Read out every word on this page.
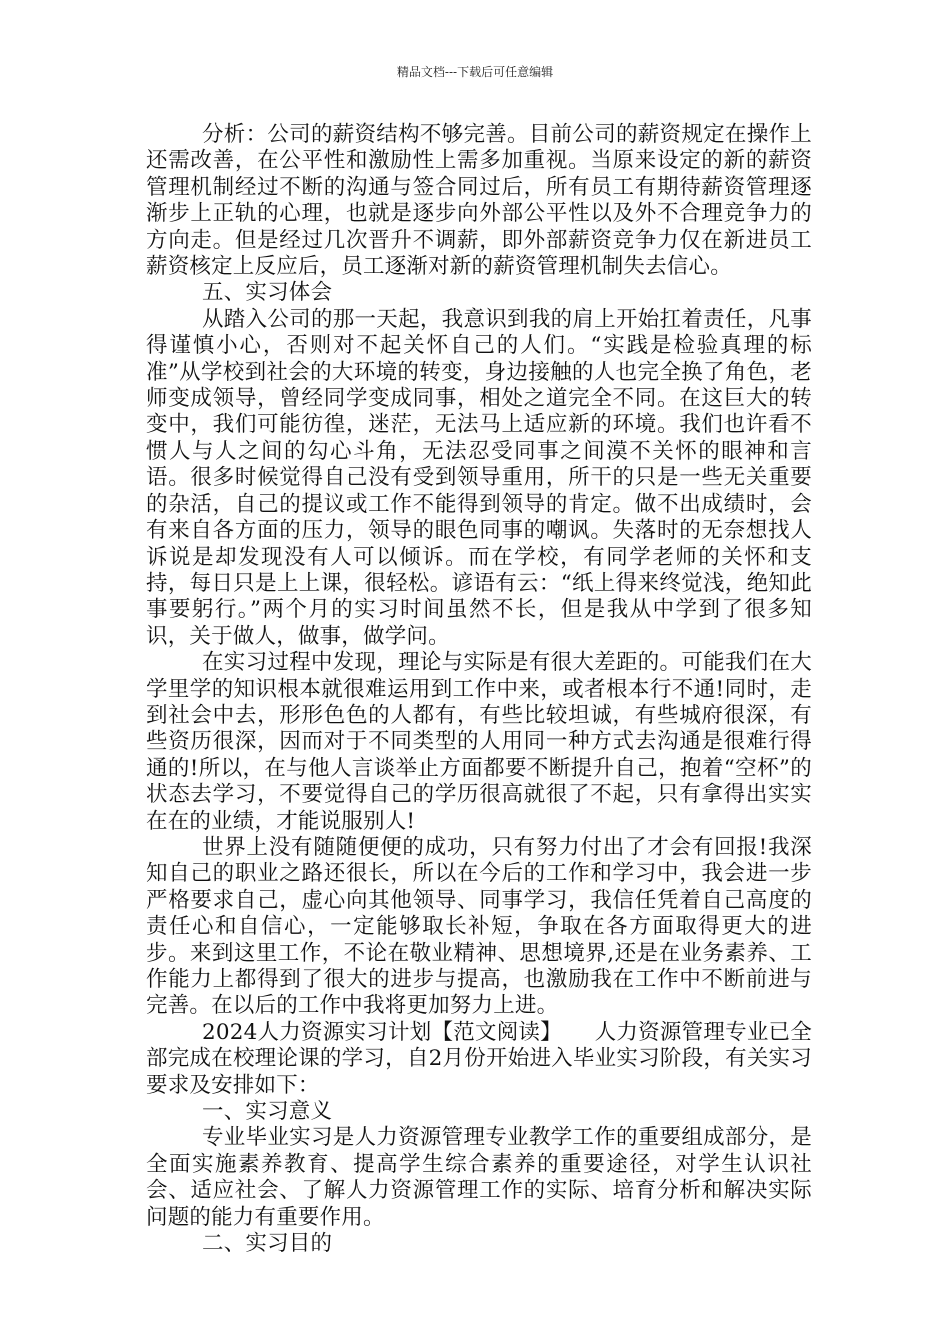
精品文档---下载后可任意编辑

分析：公司的薪资结构不够完善。目前公司的薪资规定在操作上还需改善，在公平性和激励性上需多加重视。当原来设定的新的薪资管理机制经过不断的沟通与签合同过后，所有员工有期待薪资管理逐渐步上正轨的心理，也就是逐步向外部公平性以及外不合理竞争力的方向走。但是经过几次晋升不调薪，即外部薪资竞争力仅在新进员工薪资核定上反应后，员工逐渐对新的薪资管理机制失去信心。

五、实习体会

从踏入公司的那一天起，我意识到我的肩上开始扛着责任，凡事得谨慎小心，否则对不起关怀自己的人们。“实践是检验真理的标准”从学校到社会的大环境的转变，身边接触的人也完全换了角色，老师变成领导，曾经同学变成同事，相处之道完全不同。在这巨大的转变中，我们可能彷徨，迷茫，无法马上适应新的环境。我们也许看不惯人与人之间的勾心斗角，无法忍受同事之间漠不关怀的眼神和言语。很多时候觉得自己没有受到领导重用，所干的只是一些无关重要的杂活，自己的提议或工作不能得到领导的肯定。做不出成绩时，会有来自各方面的压力，领导的眼色同事的嘲讽。失落时的无奈想找人诉说是却发现没有人可以倾诉。而在学校，有同学老师的关怀和支持，每日只是上上课，很轻松。谚语有云：“纸上得来终觉浅，绝知此事要躬行。”两个月的实习时间虽然不长，但是我从中学到了很多知识，关于做人，做事，做学问。

在实习过程中发现，理论与实际是有很大差距的。可能我们在大学里学的知识根本就很难运用到工作中来，或者根本行不通!同时，走到社会中去，形形色色的人都有，有些比较坦诚，有些城府很深，有些资历很深，因而对于不同类型的人用同一种方式去沟通是很难行得通的!所以，在与他人言谈举止方面都要不断提升自己，抱着“空杯”的状态去学习，不要觉得自己的学历很高就很了不起，只有拿得出实实在在的业绩，才能说服别人!

世界上没有随随便便的成功，只有努力付出了才会有回报!我深知自己的职业之路还很长，所以在今后的工作和学习中，我会进一步严格要求自己，虚心向其他领导、同事学习，我信任凭着自己高度的责任心和自信心，一定能够取长补短，争取在各方面取得更大的进步。来到这里工作，不论在敬业精神、思想境界,还是在业务素养、工作能力上都得到了很大的进步与提高，也激励我在工作中不断前进与完善。在以后的工作中我将更加努力上进。

2024人力资源实习计划【范文阅读】　　人力资源管理专业已全部完成在校理论课的学习，自2月份开始进入毕业实习阶段，有关实习要求及安排如下：

一、实习意义

专业毕业实习是人力资源管理专业教学工作的重要组成部分，是全面实施素养教育、提高学生综合素养的重要途径，对学生认识社会、适应社会、了解人力资源管理工作的实际、培育分析和解决实际问题的能力有重要作用。

二、实习目的
